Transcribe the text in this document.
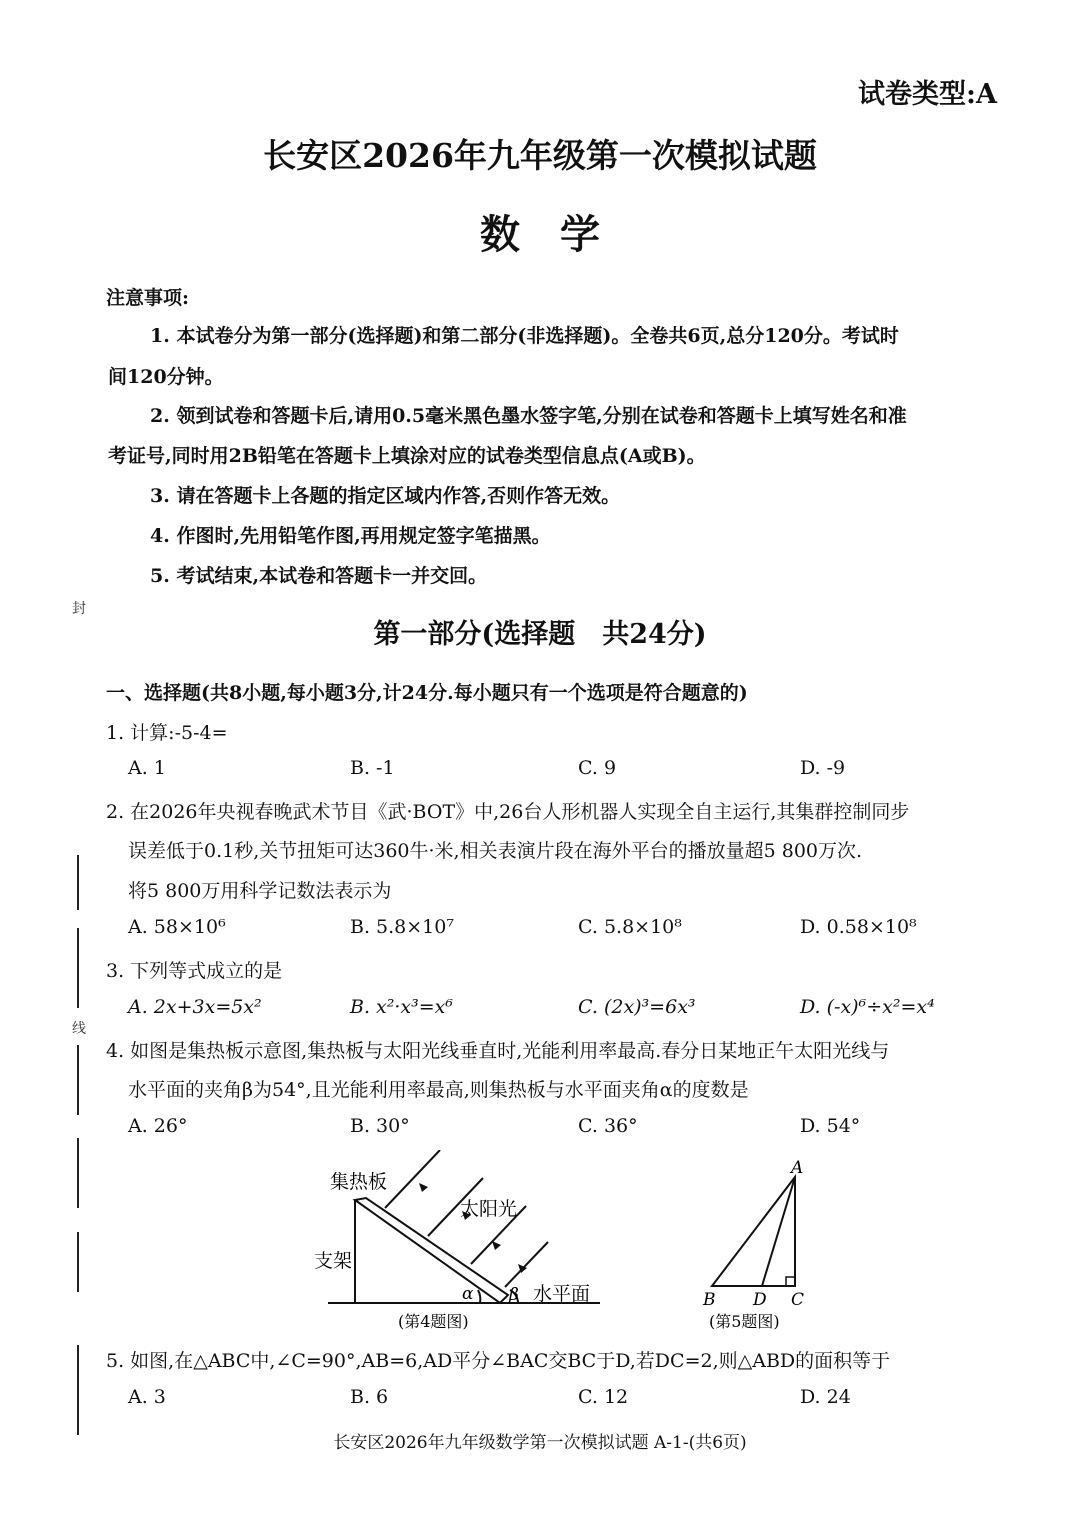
试卷类型:A
长安区2026年九年级第一次模拟试题
数学
注意事项:
1. 本试卷分为第一部分(选择题)和第二部分(非选择题)。全卷共6页,总分120分。考试时
间120分钟。
2. 领到试卷和答题卡后,请用0.5毫米黑色墨水签字笔,分别在试卷和答题卡上填写姓名和准
考证号,同时用2B铅笔在答题卡上填涂对应的试卷类型信息点(A或B)。
3. 请在答题卡上各题的指定区域内作答,否则作答无效。
4. 作图时,先用铅笔作图,再用规定签字笔描黑。
5. 考试结束,本试卷和答题卡一并交回。
第一部分(选择题　共24分)
一、选择题(共8小题,每小题3分,计24分.每小题只有一个选项是符合题意的)
1. 计算:-5-4=
A. 1	B. -1	C. 9	D. -9
2. 在2026年央视春晚武术节目《武·BOT》中,26台人形机器人实现全自主运行,其集群控制同步
误差低于0.1秒,关节扭矩可达360牛·米,相关表演片段在海外平台的播放量超5 800万次.
将5 800万用科学记数法表示为
A. 58×10⁶	B. 5.8×10⁷	C. 5.8×10⁸	D. 0.58×10⁸
3. 下列等式成立的是
A. 2x+3x=5x²	B. x²·x³=x⁶	C. (2x)³=6x³	D. (-x)⁶÷x²=x⁴
4. 如图是集热板示意图,集热板与太阳光线垂直时,光能利用率最高.春分日某地正午太阳光线与
水平面的夹角β为54°,且光能利用率最高,则集热板与水平面夹角α的度数是
A. 26°	B. 30°	C. 36°	D. 54°
集热板
太阳光
支架
水平面
α β
(第4题图)
A
B D C
(第5题图)
5. 如图,在△ABC中,∠C=90°,AB=6,AD平分∠BAC交BC于D,若DC=2,则△ABD的面积等于
A. 3	B. 6	C. 12	D. 24
长安区2026年九年级数学第一次模拟试题 A-1-(共6页)
封
线
